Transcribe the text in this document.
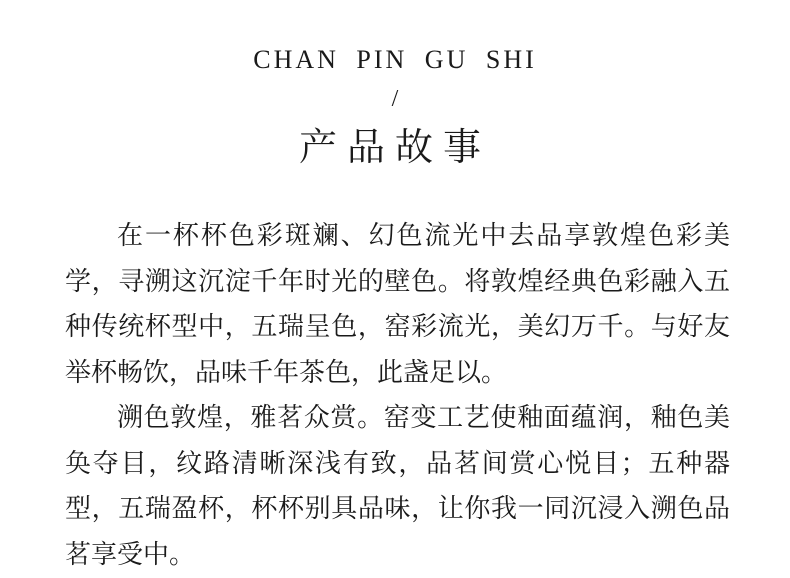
CHAN PIN GU SHI
/
产品故事

在一杯杯色彩斑斓、幻色流光中去品享敦煌色彩美学，寻溯这沉淀千年时光的壁色。将敦煌经典色彩融入五种传统杯型中，五瑞呈色，窑彩流光，美幻万千。与好友举杯畅饮，品味千年茶色，此盏足以。

溯色敦煌，雅茗众赏。窑变工艺使釉面蕴润，釉色美奂夺目，纹路清晰深浅有致，品茗间赏心悦目；五种器型，五瑞盈杯，杯杯别具品味，让你我一同沉浸入溯色品茗享受中。
